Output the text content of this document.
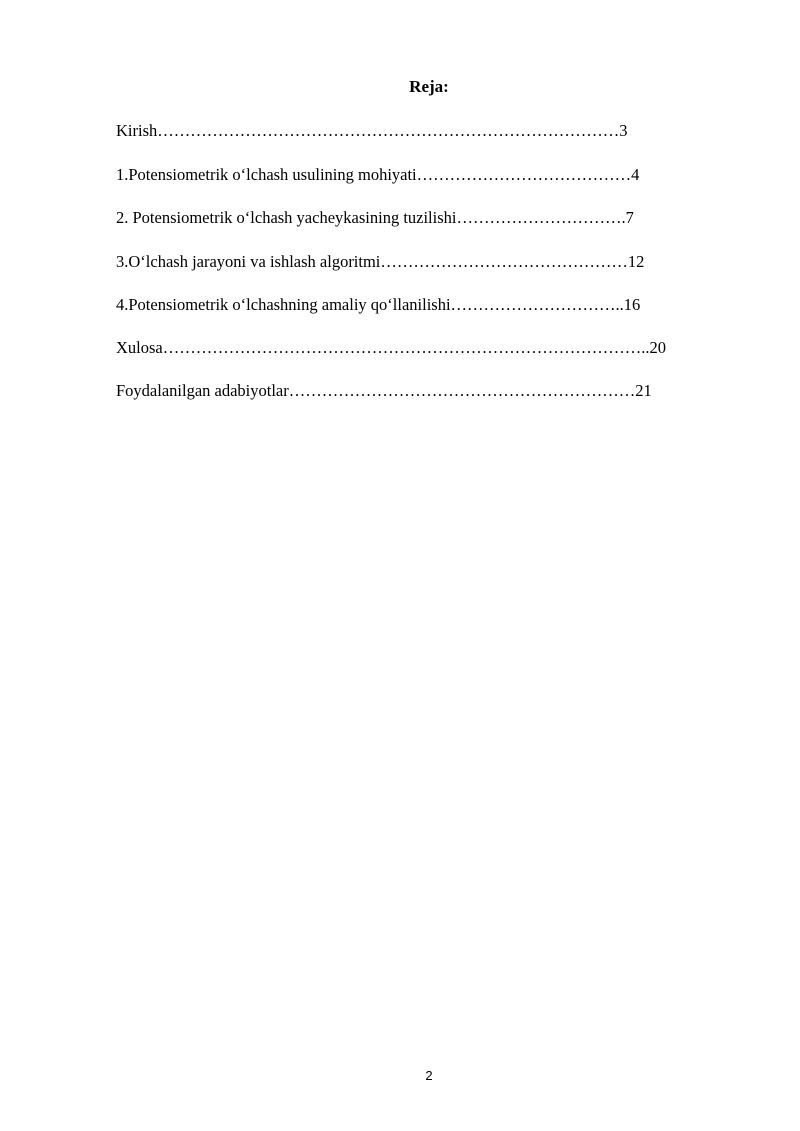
Reja:

Kirish…………………………………………………………………………3

1.Potensiometrik o‘lchash usulining mohiyati…………………………………4

2. Potensiometrik o‘lchash yacheykasining tuzilishi………………………….7

3.O‘lchash jarayoni va ishlash algoritmi………………………………………12

4.Potensiometrik o‘lchashning amaliy qo‘llanilishi…………………………..16

Xulosa……………………………………………………………………………..20

Foydalanilgan adabiyotlar………………………………………………………21

2
